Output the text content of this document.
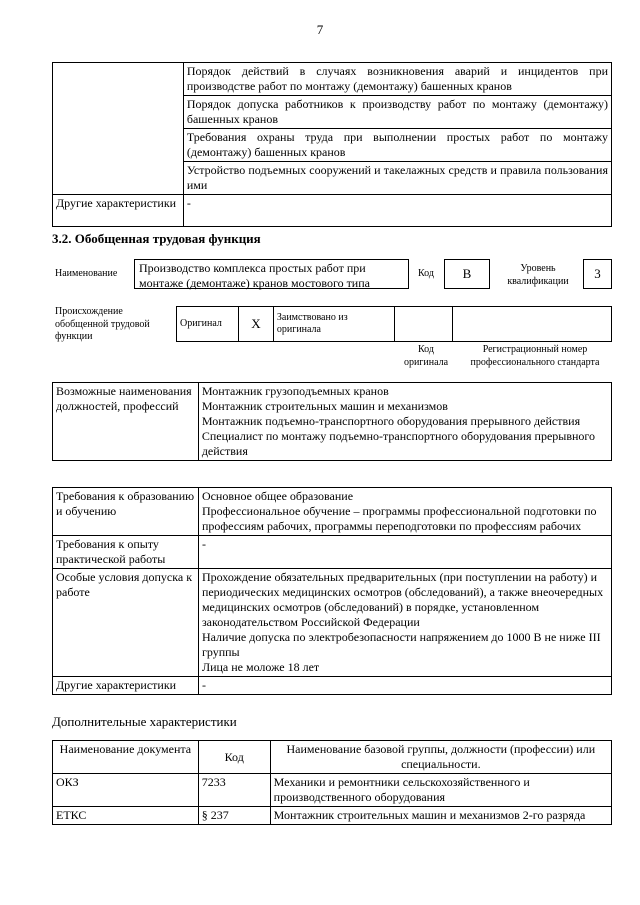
7
	Порядок действий в случаях возникновения аварий и инцидентов при производстве работ по монтажу (демонтажу) башенных кранов
	Порядок допуска работников к производству работ по монтажу (демонтажу) башенных кранов
	Требования охраны труда при выполнении простых работ по монтажу (демонтажу) башенных кранов
	Устройство подъемных сооружений и такелажных средств и правила пользования ими
Другие характеристики	-
3.2. Обобщенная трудовая функция
Наименование	Производство комплекса простых работ при монтаже (демонтаже) кранов мостового типа
Код	B	Уровень квалификации	3
Происхождение обобщенной трудовой функции
Оригинал	X	Заимствовано из оригинала		
Код оригинала
Регистрационный номер профессионального стандарта
Возможные наименования должностей, профессий	
Монтажник грузоподъемных кранов
Монтажник строительных машин и механизмов
Монтажник подъемно-транспортного оборудования прерывного действия
Специалист по монтажу подъемно-транспортного оборудования прерывного действия
Требования к образованию и обучению	Основное общее образование
Профессиональное обучение – программы профессиональной подготовки по профессиям рабочих, программы переподготовки по профессиям рабочих

Требования к опыту практической работы	-
Особые условия допуска к работе	Прохождение обязательных предварительных (при поступлении на работу) и периодических медицинских осмотров (обследований), а также внеочередных медицинских осмотров (обследований) в порядке, установленном законодательством Российской Федерации
Наличие допуска по электробезопасности напряжением до 1000 В не ниже III группы
Лица не моложе 18 лет

Другие характеристики	-
Дополнительные характеристики
Наименование документа	Код	Наименование базовой группы, должности (профессии) или специальности.
ОКЗ	7233	Механики и ремонтники сельскохозяйственного и производственного оборудования
ЕТКС	§ 237	Монтажник строительных машин и механизмов 2-го разряда
